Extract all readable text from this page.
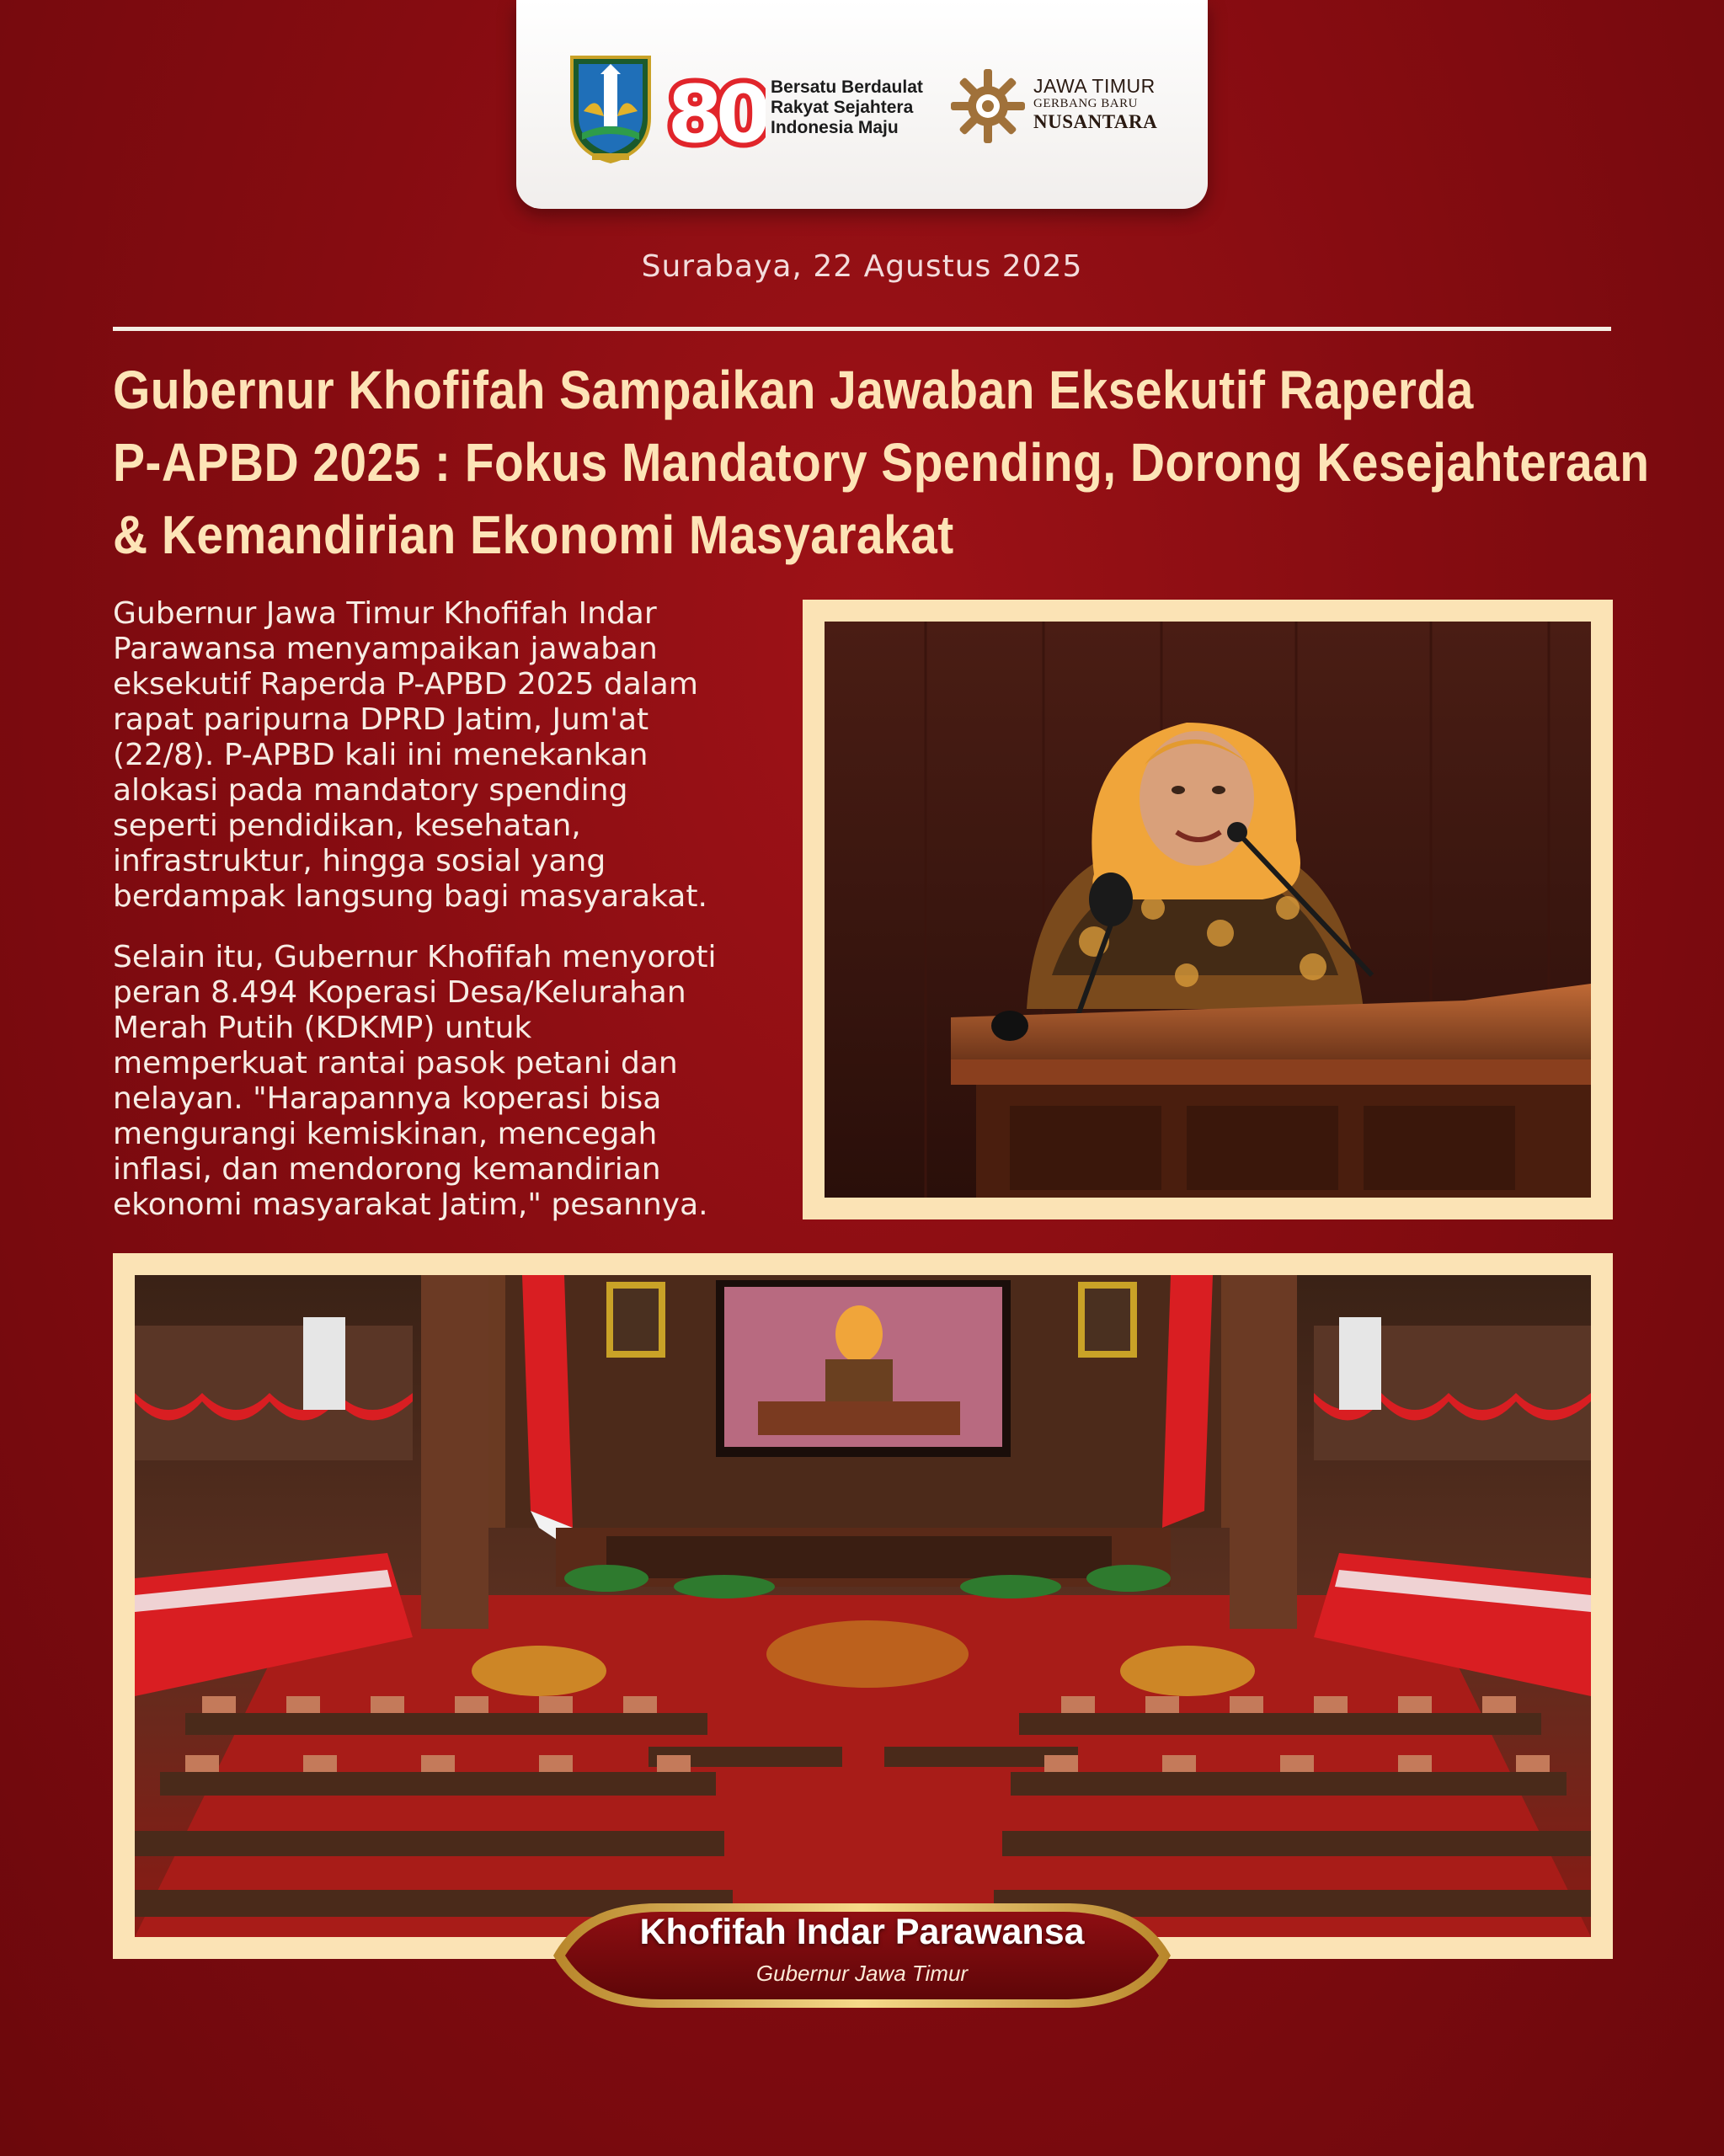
80 Bersatu Berdaulat
Rakyat Sejahtera
Indonesia Maju
JAWA TIMUR
GERBANG BARU
NUSANTARA
Surabaya, 22 Agustus 2025
Gubernur Khofifah Sampaikan Jawaban Eksekutif Raperda
P-APBD 2025 : Fokus Mandatory Spending, Dorong Kesejahteraan
& Kemandirian Ekonomi Masyarakat
Gubernur Jawa Timur Khofifah Indar
Parawansa menyampaikan jawaban
eksekutif Raperda P-APBD 2025 dalam
rapat paripurna DPRD Jatim, Jum'at
(22/8). P-APBD kali ini menekankan
alokasi pada mandatory spending
seperti pendidikan, kesehatan,
infrastruktur, hingga sosial yang
berdampak langsung bagi masyarakat.
Selain itu, Gubernur Khofifah menyoroti
peran 8.494 Koperasi Desa/Kelurahan
Merah Putih (KDKMP) untuk
memperkuat rantai pasok petani dan
nelayan. "Harapannya koperasi bisa
mengurangi kemiskinan, mencegah
inflasi, dan mendorong kemandirian
ekonomi masyarakat Jatim," pesannya.
Khofifah Indar Parawansa
Gubernur Jawa Timur
